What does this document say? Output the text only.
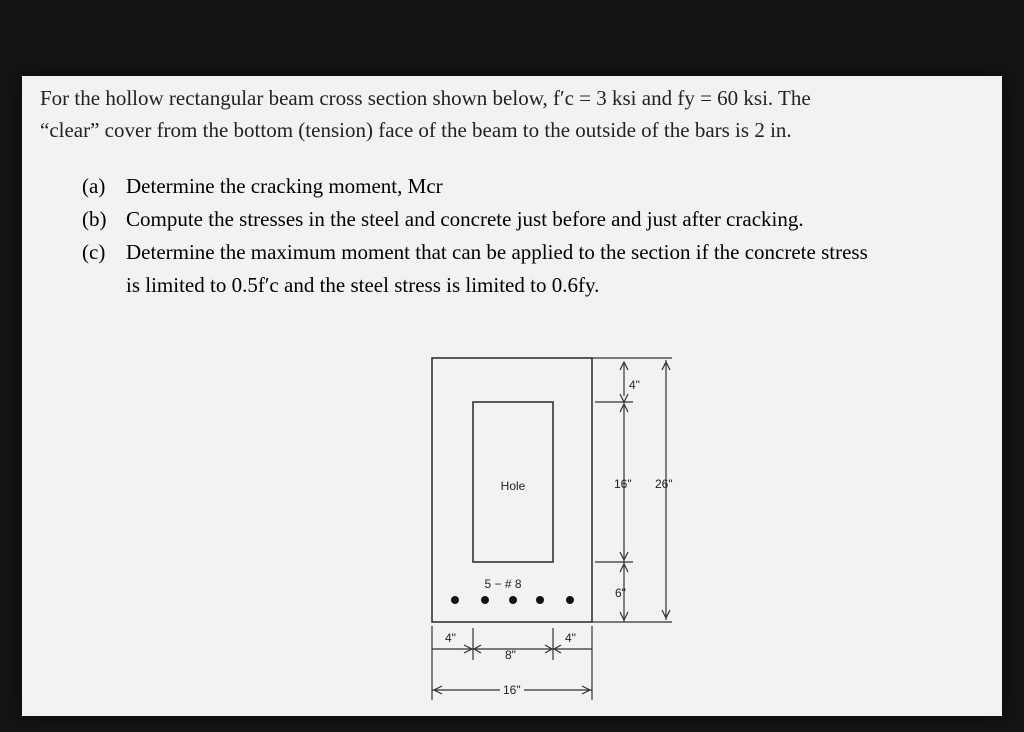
For the hollow rectangular beam cross section shown below, f′c = 3 ksi and fy = 60 ksi. The

“clear” cover from the bottom (tension) face of the beam to the outside of the bars is 2 in.

(a) Determine the cracking moment, Mcr
(b) Compute the stresses in the steel and concrete just before and just after cracking.
(c) Determine the maximum moment that can be applied to the section if the concrete stress
is limited to 0.5f′c and the steel stress is limited to 0.6fy.
Hole
5 − # 8
4"
16" 26"
6"
4"
8"
4"
16"
